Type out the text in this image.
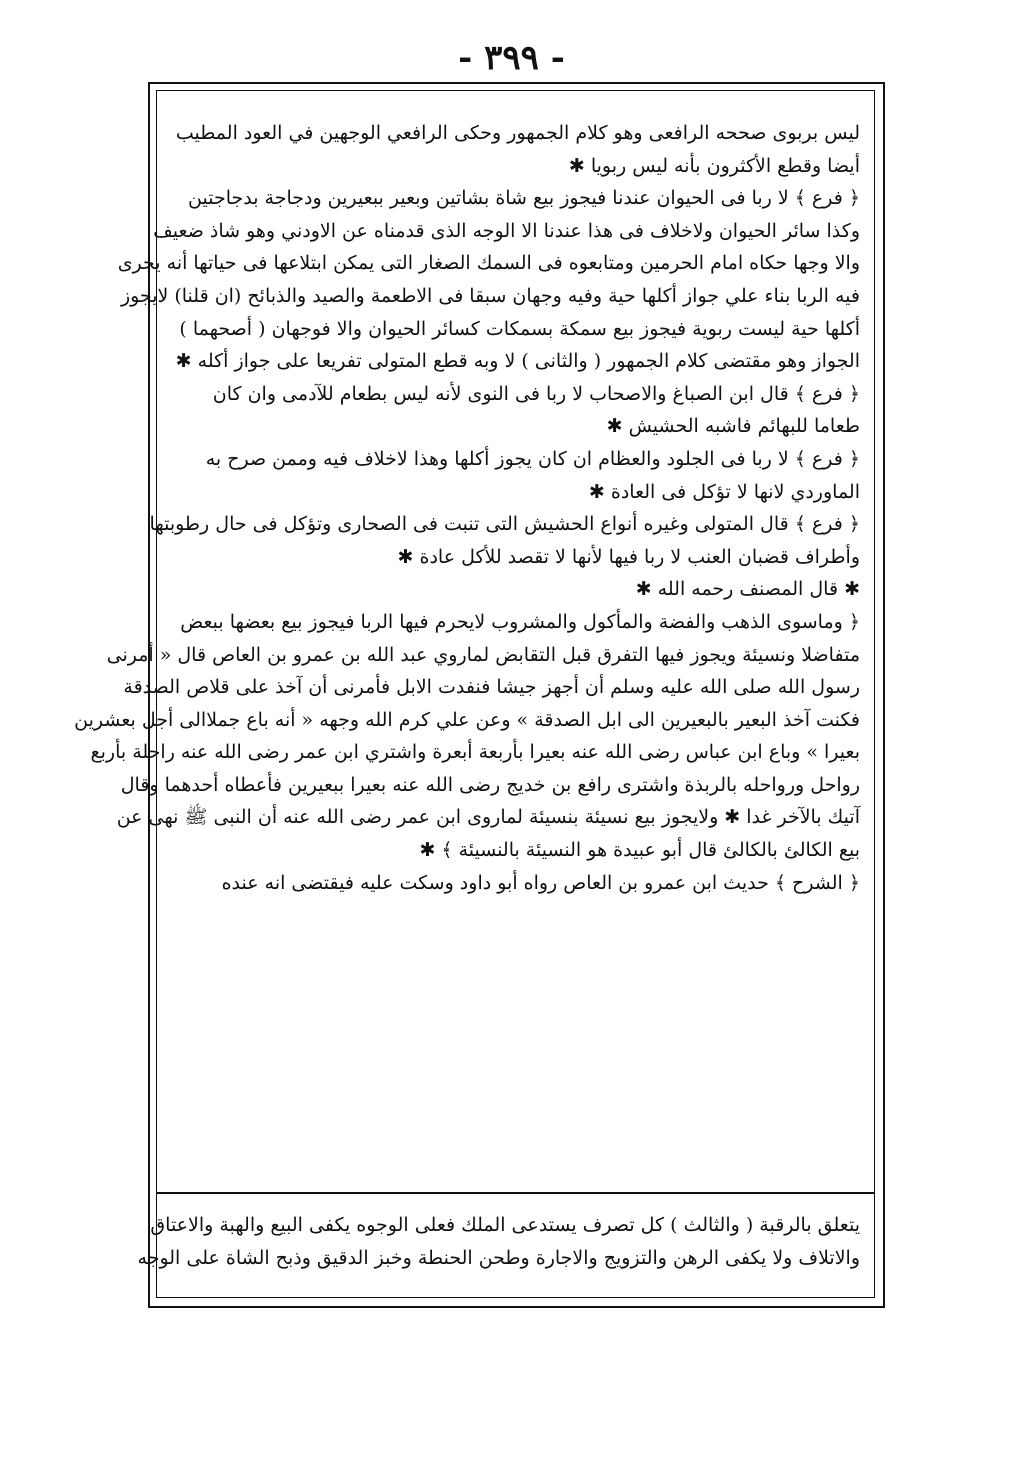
- ٣٩٩ -
ليس بربوى صححه الرافعى وهو كلام الجمهور وحكى الرافعي الوجهين في العود المطيب
أيضا وقطع الأكثرون بأنه ليس ربويا ✱
﴿ فرع ﴾ لا ربا فى الحيوان عندنا فيجوز بيع شاة بشاتين وبعير ببعيرين ودجاجة بدجاجتين
وكذا سائر الحيوان ولاخلاف فى هذا عندنا الا الوجه الذى قدمناه عن الاودني وهو شاذ ضعيف
والا وجها حكاه امام الحرمين ومتابعوه فى السمك الصغار التى يمكن ابتلاعها فى حياتها أنه يجرى
فيه الربا بناء علي جواز أكلها حية وفيه وجهان سبقا فى الاطعمة والصيد والذبائح (ان قلنا) لايجوز
أكلها حية ليست ربوية فيجوز بيع سمكة بسمكات كسائر الحيوان والا فوجهان ( أصحهما )
الجواز وهو مقتضى كلام الجمهور ( والثانى ) لا وبه قطع المتولى تفريعا على جواز أكله ✱
﴿ فرع ﴾ قال ابن الصباغ والاصحاب لا ربا فى النوى لأنه ليس بطعام للآدمى وان كان
طعاما للبهائم فاشبه الحشيش ✱
﴿ فرع ﴾ لا ربا فى الجلود والعظام ان كان يجوز أكلها وهذا لاخلاف فيه وممن صرح به
الماوردي لانها لا تؤكل فى العادة ✱
﴿ فرع ﴾ قال المتولى وغيره أنواع الحشيش التى تنبت فى الصحارى وتؤكل فى حال رطوبتها
وأطراف قضبان العنب لا ربا فيها لأنها لا تقصد للأكل عادة ✱
✱ قال المصنف رحمه الله ✱
﴿ وماسوى الذهب والفضة والمأكول والمشروب لايحرم فيها الربا فيجوز بيع بعضها ببعض
متفاضلا ونسيئة ويجوز فيها التفرق قبل التقابض لماروي عبد الله بن عمرو بن العاص قال « أمرنى
رسول الله صلى الله عليه وسلم أن أجهز جيشا فنفدت الابل فأمرنى أن آخذ على قلاص الصدقة
فكنت آخذ البعير بالبعيرين الى ابل الصدقة » وعن علي كرم الله وجهه « أنه باع جملاالى أجل بعشرين
بعيرا » وباع ابن عباس رضى الله عنه بعيرا بأربعة أبعرة واشتري ابن عمر رضى الله عنه راحلة بأربع
رواحل ورواحله بالربذة واشترى رافع بن خديج رضى الله عنه بعيرا ببعيرين فأعطاه أحدهما وقال
آتيك بالآخر غدا ✱ ولايجوز بيع نسيئة بنسيئة لماروى ابن عمر رضى الله عنه أن النبى ﷺ نهى عن
بيع الكالئ بالكالئ قال أبو عبيدة هو النسيئة بالنسيئة ﴾ ✱
﴿ الشرح ﴾ حديث ابن عمرو بن العاص رواه أبو داود وسكت عليه فيقتضى انه عنده
يتعلق بالرقبة ( والثالث ) كل تصرف يستدعى الملك فعلى الوجوه يكفى البيع والهبة والاعتاق
والاتلاف ولا يكفى الرهن والتزويج والاجارة وطحن الحنطة وخبز الدقيق وذبح الشاة على الوجه
